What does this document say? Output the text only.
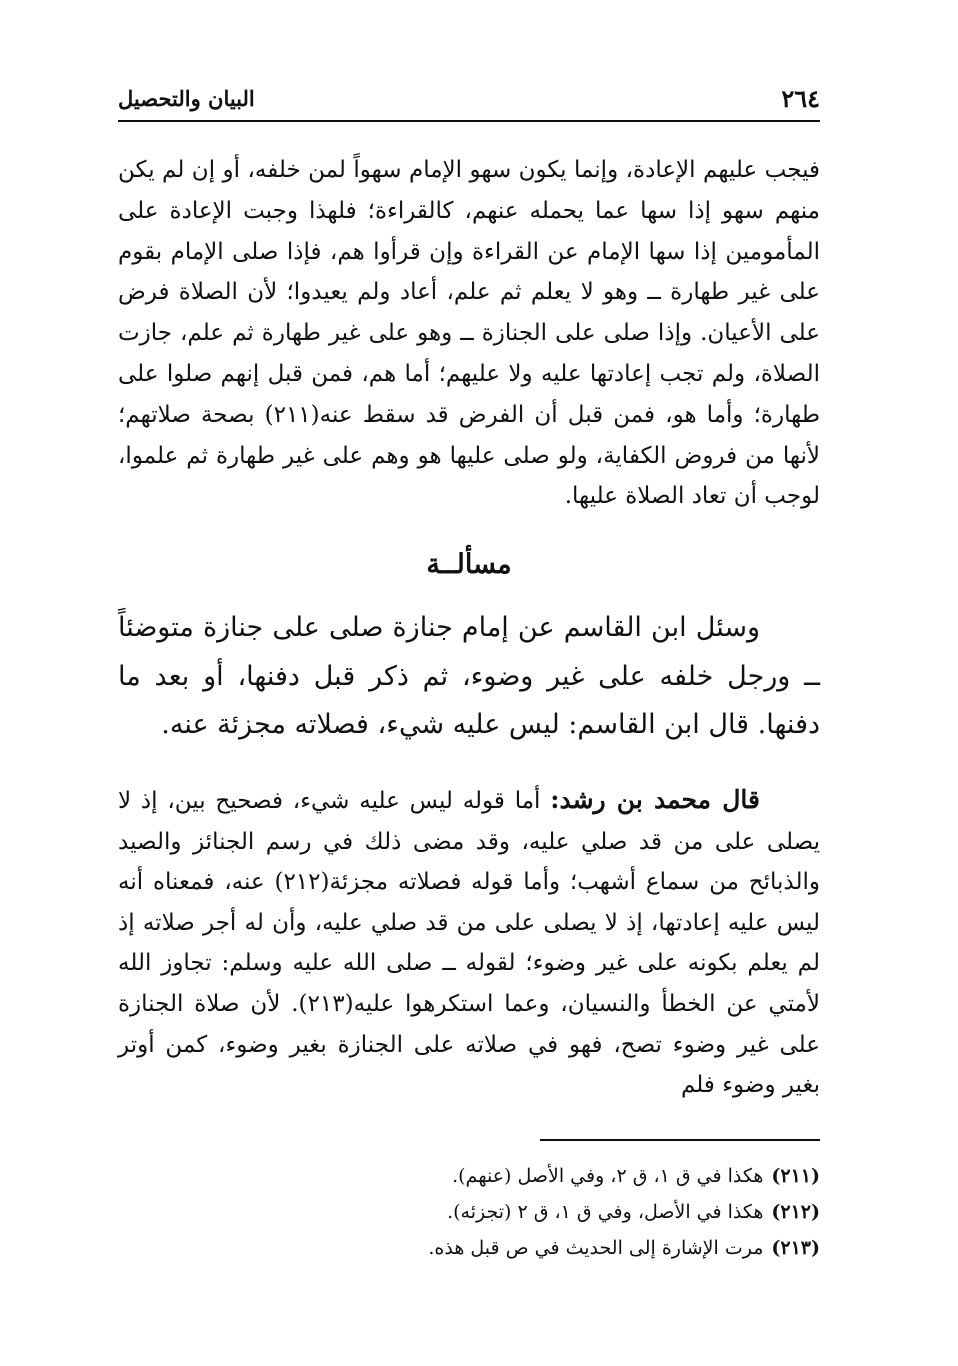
٢٦٤
البيان والتحصيل

فيجب عليهم الإعادة، وإنما يكون سهو الإمام سهواً لمن خلفه، أو إن لم يكن منهم سهو إذا سها عما يحمله عنهم، كالقراءة؛ فلهذا وجبت الإعادة على المأمومين إذا سها الإمام عن القراءة وإن قرأوا هم، فإذا صلى الإمام بقوم على غير طهارة ــ وهو لا يعلم ثم علم، أعاد ولم يعيدوا؛ لأن الصلاة فرض على الأعيان. وإذا صلى على الجنازة ــ وهو على غير طهارة ثم علم، جازت الصلاة، ولم تجب إعادتها عليه ولا عليهم؛ أما هم، فمن قبل إنهم صلوا على طهارة؛ وأما هو، فمن قبل أن الفرض قد سقط عنه(٢١١) بصحة صلاتهم؛ لأنها من فروض الكفاية، ولو صلى عليها هو وهم على غير طهارة ثم علموا، لوجب أن تعاد الصلاة عليها.

مسألــة

وسئل ابن القاسم عن إمام جنازة صلى على جنازة متوضئاً ــ ورجل خلفه على غير وضوء، ثم ذكر قبل دفنها، أو بعد ما دفنها. قال ابن القاسم: ليس عليه شيء، فصلاته مجزئة عنه.

قال محمد بن رشد: أما قوله ليس عليه شيء، فصحيح بين، إذ لا يصلى على من قد صلي عليه، وقد مضى ذلك في رسم الجنائز والصيد والذبائح من سماع أشهب؛ وأما قوله فصلاته مجزئة(٢١٢) عنه، فمعناه أنه ليس عليه إعادتها، إذ لا يصلى على من قد صلي عليه، وأن له أجر صلاته إذ لم يعلم بكونه على غير وضوء؛ لقوله ــ صلى الله عليه وسلم: تجاوز الله لأمتي عن الخطأ والنسيان، وعما استكرهوا عليه(٢١٣). لأن صلاة الجنازة على غير وضوء تصح، فهو في صلاته على الجنازة بغير وضوء، كمن أوتر بغير وضوء فلم

(٢١١)هكذا في ق ١، ق ٢، وفي الأصل (عنهم).
(٢١٢)هكذا في الأصل، وفي ق ١، ق ٢ (تجزئه).
(٢١٣)مرت الإشارة إلى الحديث في ص قبل هذه.
